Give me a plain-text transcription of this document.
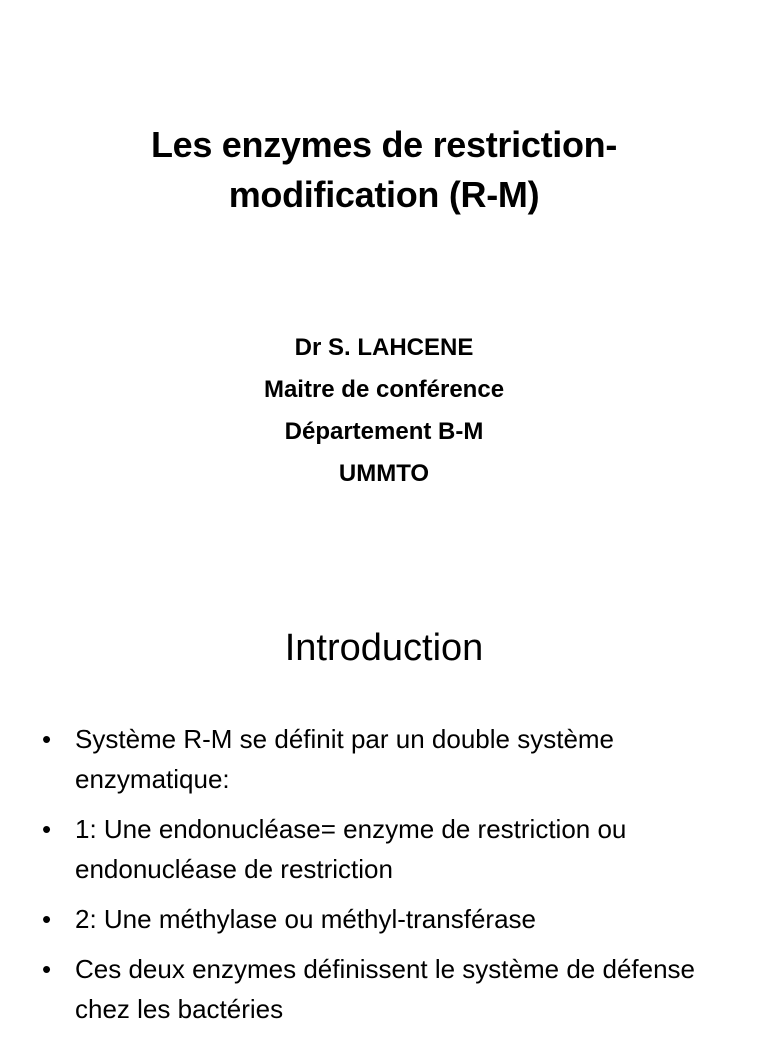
Les enzymes de restriction-
modification (R-M)
Dr S. LAHCENE
Maitre de conférence
Département B-M
UMMTO
Introduction
• Système R-M se définit par un double système enzymatique:
• 1: Une endonucléase= enzyme de restriction ou endonucléase de restriction
• 2: Une méthylase ou méthyl-transférase
• Ces deux enzymes définissent le système de défense chez les bactéries
